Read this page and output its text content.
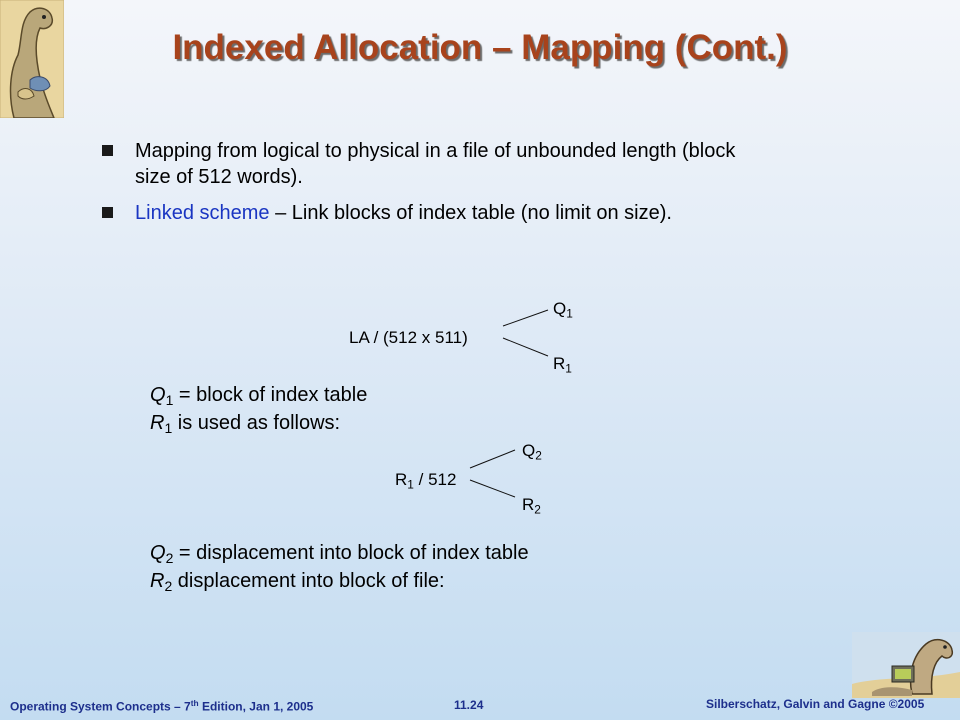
Indexed Allocation – Mapping (Cont.)
Mapping from logical to physical in a file of unbounded length (block size of 512 words).
Linked scheme – Link blocks of index table (no limit on size).
LA / (512 x 511)
$Q_1$
$R_1$
$Q_1$ = block of index table
$R_1$ is used as follows:
$R_1 / 512$
$Q_2$
$R_2$
$Q_2$ = displacement into block of index table
$R_2$ displacement into block of file:
Operating System Concepts – 7th Edition, Jan 1, 2005	11.24	Silberschatz, Galvin and Gagne ©2005
